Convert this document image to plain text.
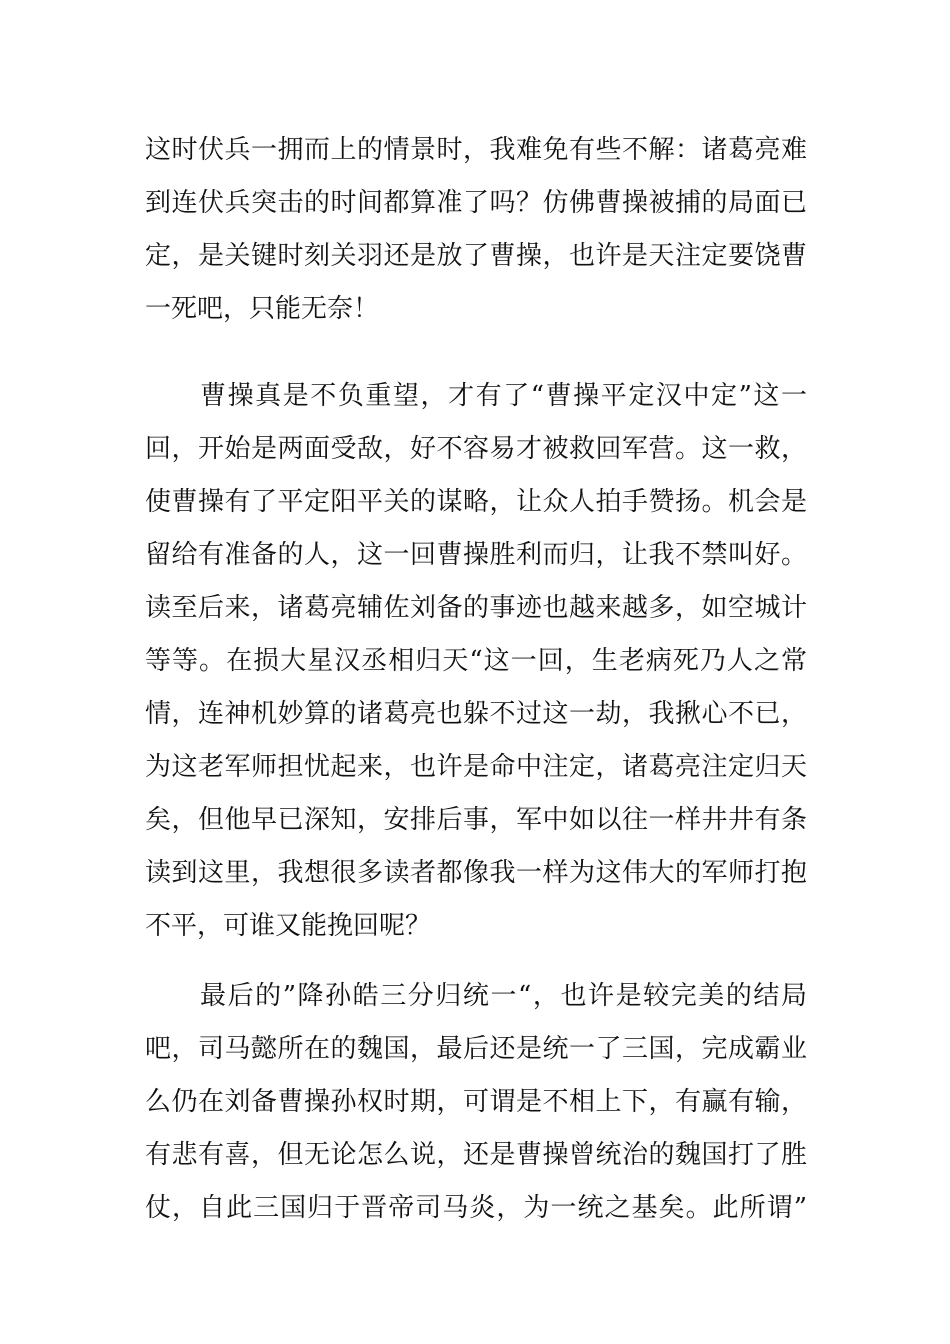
这时伏兵一拥而上的情景时，我难免有些不解：诸葛亮难
到连伏兵突击的时间都算准了吗？仿佛曹操被捕的局面已
定，是关键时刻关羽还是放了曹操，也许是天注定要饶曹
一死吧，只能无奈！
曹操真是不负重望，才有了“曹操平定汉中定”这一
回，开始是两面受敌，好不容易才被救回军营。这一救，
使曹操有了平定阳平关的谋略，让众人拍手赞扬。机会是
留给有准备的人，这一回曹操胜利而归，让我不禁叫好。
读至后来，诸葛亮辅佐刘备的事迹也越来越多，如空城计
等等。在损大星汉丞相归天“这一回，生老病死乃人之常
情，连神机妙算的诸葛亮也躲不过这一劫，我揪心不已，
为这老军师担忧起来，也许是命中注定，诸葛亮注定归天
矣，但他早已深知，安排后事，军中如以往一样井井有条
读到这里，我想很多读者都像我一样为这伟大的军师打抱
不平，可谁又能挽回呢？
最后的”降孙皓三分归统一“，也许是较完美的结局
吧，司马懿所在的魏国，最后还是统一了三国，完成霸业
么仍在刘备曹操孙权时期，可谓是不相上下，有赢有输，
有悲有喜，但无论怎么说，还是曹操曾统治的魏国打了胜
仗，自此三国归于晋帝司马炎，为一统之基矣。此所谓”
